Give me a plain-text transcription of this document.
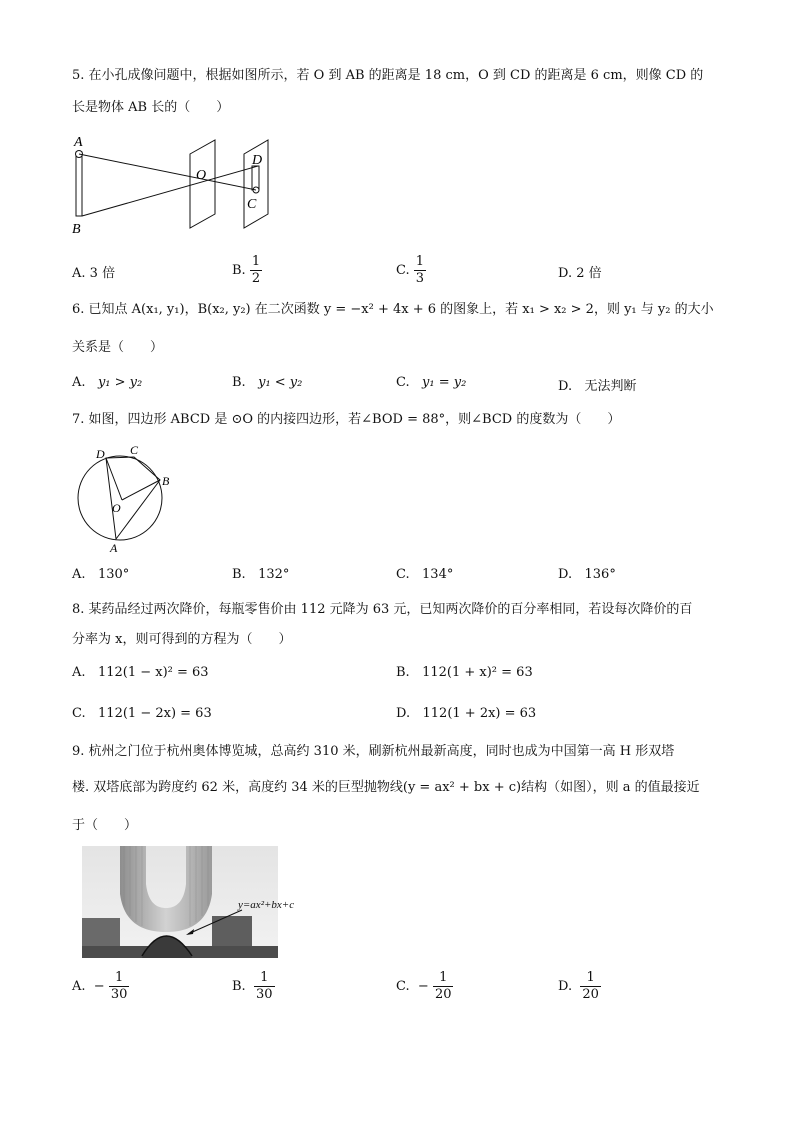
5. 在小孔成像问题中，根据如图所示，若 O 到 AB 的距离是 18 cm，O 到 CD 的距离是 6 cm，则像 CD 的
长是物体 AB 长的（　　）
A
B
O
D
C
A. 3 倍	B. $\frac{1}{2}$	C. $\frac{1}{3}$	D. 2 倍
6. 已知点 A(x₁, y₁)，B(x₂, y₂) 在二次函数 y = −x² + 4x + 6 的图象上，若 x₁ > x₂ > 2，则 y₁ 与 y₂ 的大小
关系是（　　）
A. y₁ > y₂	B. y₁ < y₂	C. y₁ = y₂	D. 无法判断
7. 如图，四边形 ABCD 是 ⊙O 的内接四边形，若∠BOD = 88°，则∠BCD 的度数为（　　）
D C
B
O
A
A. 130°	B. 132°	C. 134°	D. 136°
8. 某药品经过两次降价，每瓶零售价由 112 元降为 63 元，已知两次降价的百分率相同，若设每次降价的百
分率为 x，则可得到的方程为（　　）
A. 112(1 − x)² = 63	B. 112(1 + x)² = 63
C. 112(1 − 2x) = 63	D. 112(1 + 2x) = 63
9. 杭州之门位于杭州奥体博览城，总高约 310 米，刷新杭州最新高度，同时也成为中国第一高 H 形双塔
楼. 双塔底部为跨度约 62 米，高度约 34 米的巨型抛物线(y = ax² + bx + c)结构（如图），则 a 的值最接近
于（　　）
y=ax²+bx+c
A. − $\frac{1}{30}$	B. $\frac{1}{30}$	C. − $\frac{1}{20}$	D. $\frac{1}{20}$
